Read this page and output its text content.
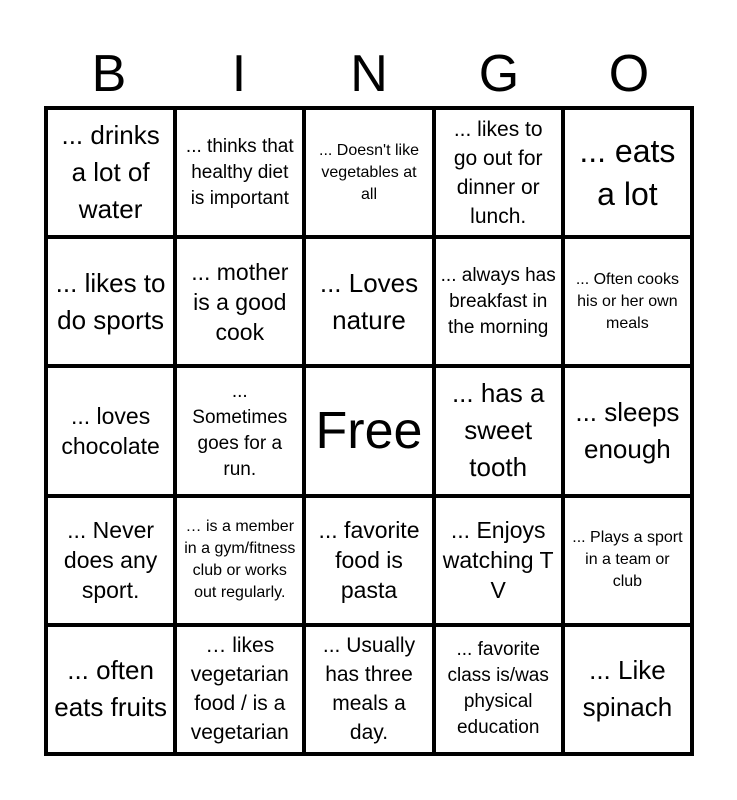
B	I	N	G	O
... drinks a lot of water
... thinks that healthy diet is important
... Doesn't like vegetables at all
... likes to go out for dinner or lunch.
... eats a lot
... likes to do sports
... mother is a good cook
... Loves nature
... always has breakfast in the morning
... Often cooks his or her own meals
... loves chocolate
... Sometimes goes for a run.
Free
... has a sweet tooth
... sleeps enough
... Never does any sport.
… is a member in a gym/fitness club or works out regularly.
... favorite food is pasta
... Enjoys watching T V
... Plays a sport in a team or club
... often eats fruits
… likes vegetarian food / is a vegetarian
... Usually has three meals a day.
... favorite class is/was physical education
... Like spinach
